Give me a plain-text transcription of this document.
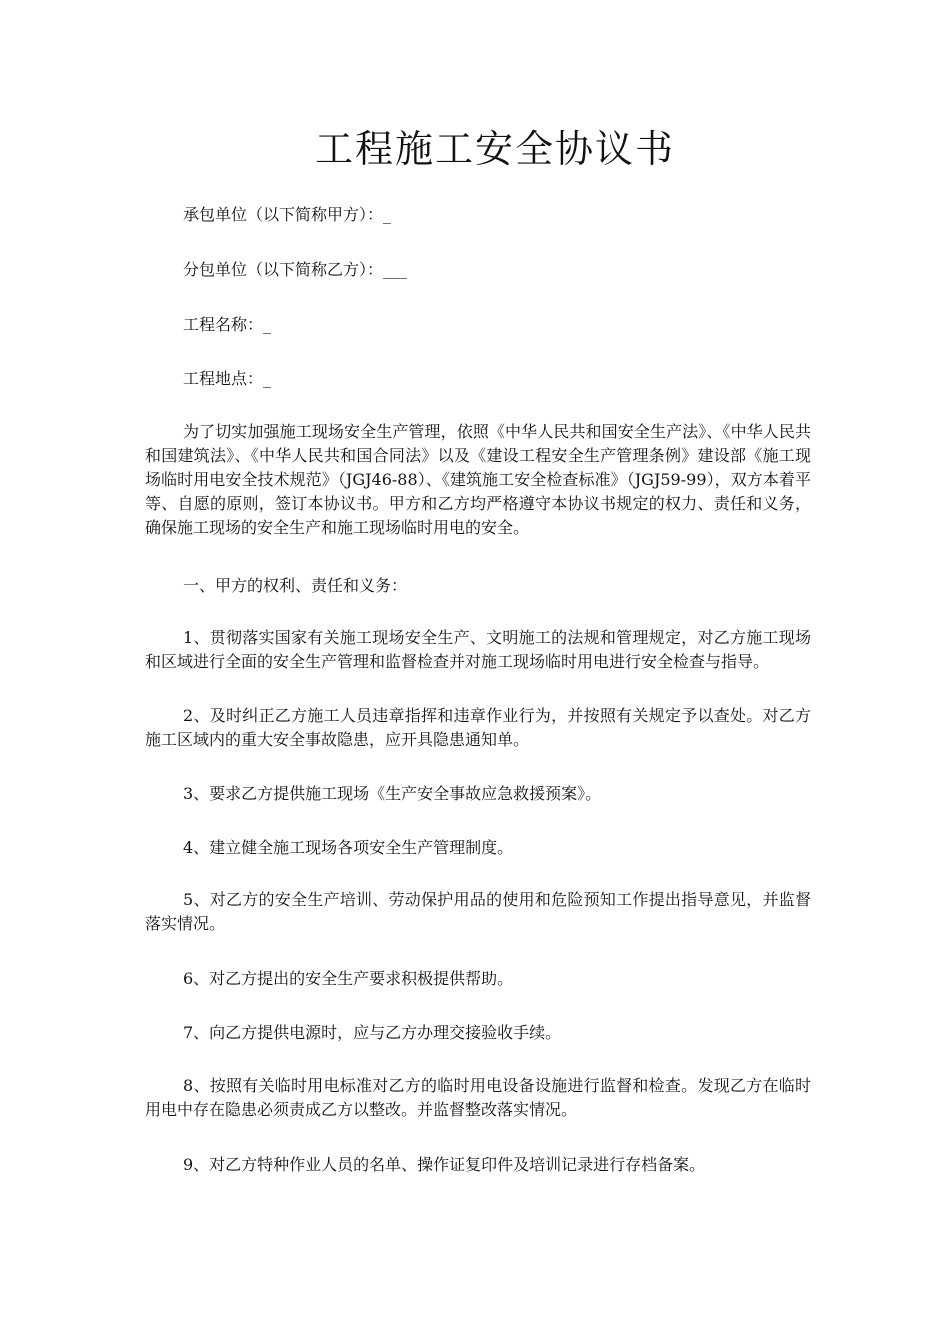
工程施工安全协议书
承包单位（以下简称甲方）：_
分包单位（以下简称乙方）：___
工程名称：_
工程地点：_

为了切实加强施工现场安全生产管理，依照《中华人民共和国安全生产法》、《中华人民共和国建筑法》、《中华人民共和国合同法》以及《建设工程安全生产管理条例》建设部《施工现场临时用电安全技术规范》（JGJ46-88）、《建筑施工安全检查标准》（JGJ59-99），双方本着平等、自愿的原则，签订本协议书。甲方和乙方均严格遵守本协议书规定的权力、责任和义务，确保施工现场的安全生产和施工现场临时用电的安全。

一、甲方的权利、责任和义务：

1、贯彻落实国家有关施工现场安全生产、文明施工的法规和管理规定，对乙方施工现场和区域进行全面的安全生产管理和监督检查并对施工现场临时用电进行安全检查与指导。

2、及时纠正乙方施工人员违章指挥和违章作业行为，并按照有关规定予以查处。对乙方施工区域内的重大安全事故隐患，应开具隐患通知单。

3、要求乙方提供施工现场《生产安全事故应急救援预案》。

4、建立健全施工现场各项安全生产管理制度。

5、对乙方的安全生产培训、劳动保护用品的使用和危险预知工作提出指导意见，并监督落实情况。

6、对乙方提出的安全生产要求积极提供帮助。

7、向乙方提供电源时，应与乙方办理交接验收手续。

8、按照有关临时用电标准对乙方的临时用电设备设施进行监督和检查。发现乙方在临时用电中存在隐患必须责成乙方以整改。并监督整改落实情况。

9、对乙方特种作业人员的名单、操作证复印件及培训记录进行存档备案。
